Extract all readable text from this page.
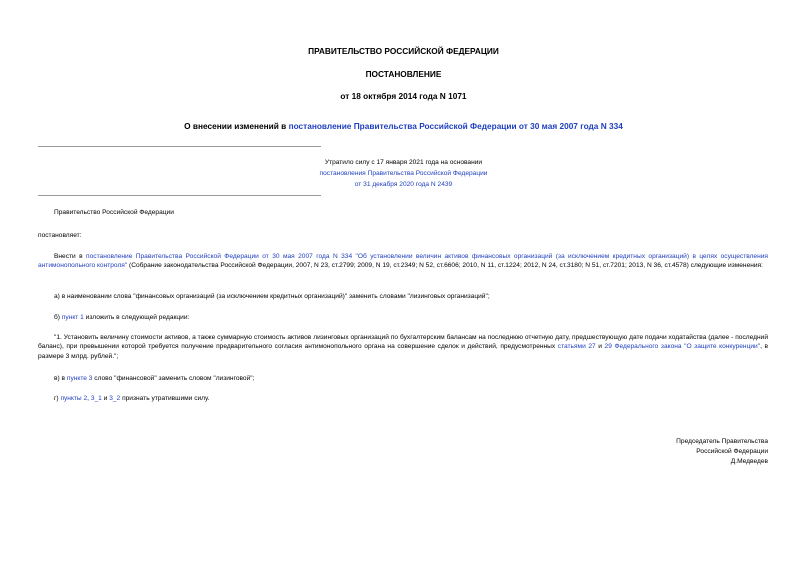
ПРАВИТЕЛЬСТВО РОССИЙСКОЙ ФЕДЕРАЦИИ
ПОСТАНОВЛЕНИЕ
от 18 октября 2014 года N 1071
О внесении изменений в постановление Правительства Российской Федерации от 30 мая 2007 года N 334
Утратило силу с 17 января 2021 года на основании
постановления Правительства Российской Федерации
от 31 декабря 2020 года N 2439
Правительство Российской Федерации
постановляет:
Внести в постановление Правительства Российской Федерации от 30 мая 2007 года N 334 "Об установлении величин активов финансовых организаций (за исключением кредитных организаций) в целях осуществления антимонопольного контроля" (Собрание законодательства Российской Федерации, 2007, N 23, ст.2799; 2009, N 19, ст.2349; N 52, ст.6606; 2010, N 11, ст.1224; 2012, N 24, ст.3180; N 51, ст.7201; 2013, N 36, ст.4578) следующие изменения:
а) в наименовании слова "финансовых организаций (за исключением кредитных организаций)" заменить словами "лизинговых организаций";
б) пункт 1 изложить в следующей редакции:
"1. Установить величину стоимости активов, а также суммарную стоимость активов лизинговых организаций по бухгалтерским балансам на последнюю отчетную дату, предшествующую дате подачи ходатайства (далее - последний баланс), при превышении которой требуется получение предварительного согласия антимонопольного органа на совершение сделок и действий, предусмотренных статьями 27 и 29 Федерального закона "О защите конкуренции", в размере 3 млрд. рублей.";
в) в пункте 3 слово "финансовой" заменить словом "лизинговой";
г) пункты 2, 3_1 и 3_2 признать утратившими силу.
Председатель Правительства
Российской Федерации
Д.Медведев
